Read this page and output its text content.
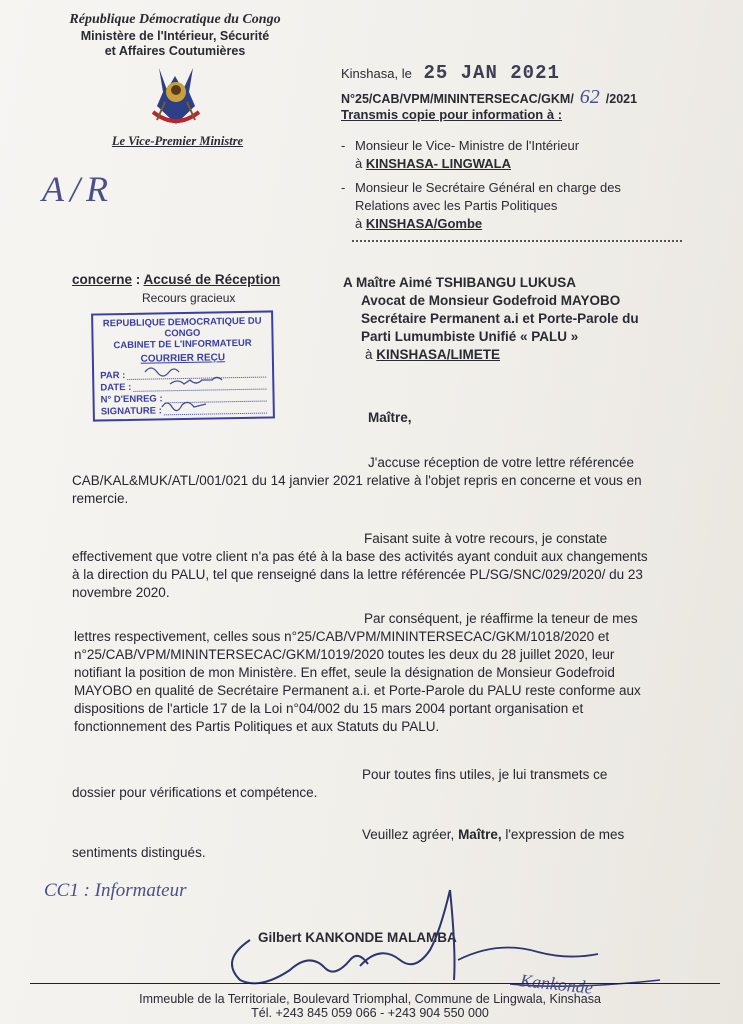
République Démocratique du Congo
Ministère de l'Intérieur, Sécurité
et Affaires Coutumières
Le Vice-Premier Ministre
A/R
Kinshasa, le 25 JAN 2021
N°25/CAB/VPM/MININTERSECAC/GKM/ 62 /2021
Transmis copie pour information à :
- Monsieur le Vice- Ministre de l'Intérieur
à KINSHASA- LINGWALA
- Monsieur le Secrétaire Général en charge des
Relations avec les Partis Politiques
à KINSHASA/Gombe
concerne : Accusé de Réception
Recours gracieux
REPUBLIQUE DEMOCRATIQUE DU CONGO
CABINET DE L'INFORMATEUR
COURRIER REÇU
PAR :
DATE :
N° D'ENREG :
SIGNATURE :
A Maître Aimé TSHIBANGU LUKUSA
Avocat de Monsieur Godefroid MAYOBO
Secrétaire Permanent a.i et Porte-Parole du
Parti Lumumbiste Unifié « PALU »
à KINSHASA/LIMETE
Maître,
J'accuse réception de votre lettre référencée
CAB/KAL&MUK/ATL/001/021 du 14 janvier 2021 relative à l'objet repris en concerne et vous en
remercie.
Faisant suite à votre recours, je constate
effectivement que votre client n'a pas été à la base des activités ayant conduit aux changements
à la direction du PALU, tel que renseigné dans la lettre référencée PL/SG/SNC/029/2020/ du 23
novembre 2020.
Par conséquent, je réaffirme la teneur de mes
lettres respectivement, celles sous n°25/CAB/VPM/MININTERSECAC/GKM/1018/2020 et
n°25/CAB/VPM/MININTERSECAC/GKM/1019/2020 toutes les deux du 28 juillet 2020, leur
notifiant la position de mon Ministère. En effet, seule la désignation de Monsieur Godefroid
MAYOBO en qualité de Secrétaire Permanent a.i. et Porte-Parole du PALU reste conforme aux
dispositions de l'article 17 de la Loi n°04/002 du 15 mars 2004 portant organisation et
fonctionnement des Partis Politiques et aux Statuts du PALU.
Pour toutes fins utiles, je lui transmets ce
dossier pour vérifications et compétence.
Veuillez agréer, Maître, l'expression de mes
sentiments distingués.
CC1 : Informateur
Gilbert KANKONDE MALAMBA
Kankonde
Immeuble de la Territoriale, Boulevard Triomphal, Commune de Lingwala, Kinshasa
Tél. +243 845 059 066 - +243 904 550 000
